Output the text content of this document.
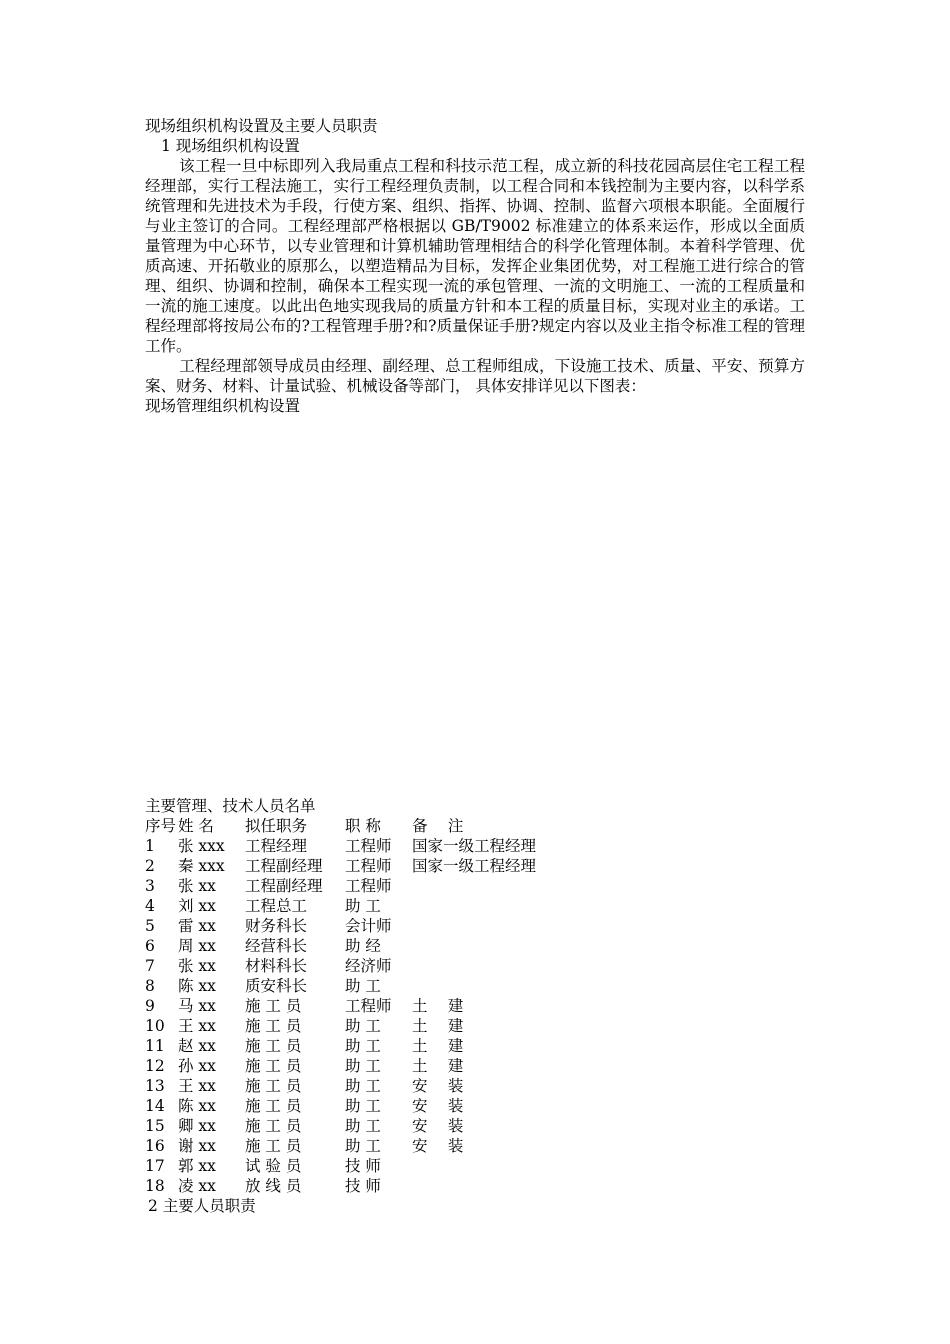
现场组织机构设置及主要人员职责

1 现场组织机构设置

该工程一旦中标即列入我局重点工程和科技示范工程，成立新的科技花园高层住宅工程工程经理部，实行工程法施工，实行工程经理负责制，以工程合同和本钱控制为主要内容，以科学系统管理和先进技术为手段，行使方案、组织、指挥、协调、控制、监督六项根本职能。全面履行与业主签订的合同。工程经理部严格根据以 GB/T9002 标准建立的体系来运作，形成以全面质量管理为中心环节，以专业管理和计算机辅助管理相结合的科学化管理体制。本着科学管理、优质高速、开拓敬业的原那么，以塑造精品为目标，发挥企业集团优势，对工程施工进行综合的管理、组织、协调和控制，确保本工程实现一流的承包管理、一流的文明施工、一流的工程质量和一流的施工速度。以此出色地实现我局的质量方针和本工程的质量目标，实现对业主的承诺。工程经理部将按局公布的?工程管理手册?和?质量保证手册?规定内容以及业主指令标准工程的管理工作。

工程经理部领导成员由经理、副经理、总工程师组成，下设施工技术、质量、平安、预算方案、财务、材料、计量试验、机械设备等部门， 具体安排详见以下图表：

现场管理组织机构设置

主要管理、技术人员名单

序号	姓 名	拟任职务	职 称	备　 注
1	张 xxx	工程经理	工程师	国家一级工程经理
2	秦 xxx	工程副经理	工程师	国家一级工程经理
3	张 xx	工程副经理	工程师	
4	刘 xx	工程总工	助 工	
5	雷 xx	财务科长	会计师	
6	周 xx	经营科长	助 经	
7	张 xx	材料科长	经济师	
8	陈 xx	质安科长	助 工	
9	马 xx	施 工 员	工程师	土　 建
10	王 xx	施 工 员	助 工	土　 建
11	赵 xx	施 工 员	助 工	土　 建
12	孙 xx	施 工 员	助 工	土　 建
13	王 xx	施 工 员	助 工	安　 装
14	陈 xx	施 工 员	助 工	安　 装
15	卿 xx	施 工 员	助 工	安　 装
16	谢 xx	施 工 员	助 工	安　 装
17	郭 xx	试 验 员	技 师	
18	凌 xx	放 线 员	技 师	

2 主要人员职责
